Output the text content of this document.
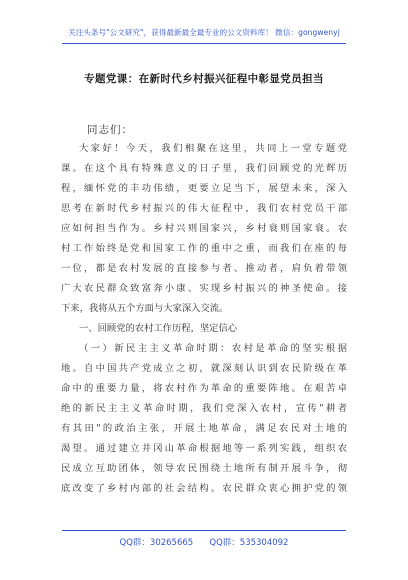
关注头条号"公文研究"，获得最新最全最专业的公文资料库！ 微信：gongwenyj
专题党课：在新时代乡村振兴征程中彰显党员担当
同志们：
大家好！今天，我们相聚在这里，共同上一堂专题党
课。在这个具有特殊意义的日子里，我们回顾党的光辉历
程，缅怀党的丰功伟绩，更要立足当下，展望未来，深入
思考在新时代乡村振兴的伟大征程中，我们农村党员干部
应如何担当作为。乡村兴则国家兴，乡村衰则国家衰。农
村工作始终是党和国家工作的重中之重，而我们在座的每
一位，都是农村发展的直接参与者、推动者，肩负着带领
广大农民群众致富奔小康、实现乡村振兴的神圣使命。接
下来，我将从五个方面与大家深入交流。
一、回顾党的农村工作历程，坚定信心
（一）新民主主义革命时期：农村是革命的坚实根据
地。自中国共产党成立之初，就深刻认识到农民阶级在革
命中的重要力量，将农村作为革命的重要阵地。在艰苦卓
绝的新民主主义革命时期，我们党深入农村，宣传"耕者
有其田"的政治主张，开展土地革命，满足农民对土地的
渴望。通过建立井冈山革命根据地等一系列实践，组织农
民成立互助团体，领导农民围绕土地所有制开展斗争，彻
底改变了乡村内部的社会结构。农民群众衷心拥护党的领
QQ群：30265665 QQ群：535304092
